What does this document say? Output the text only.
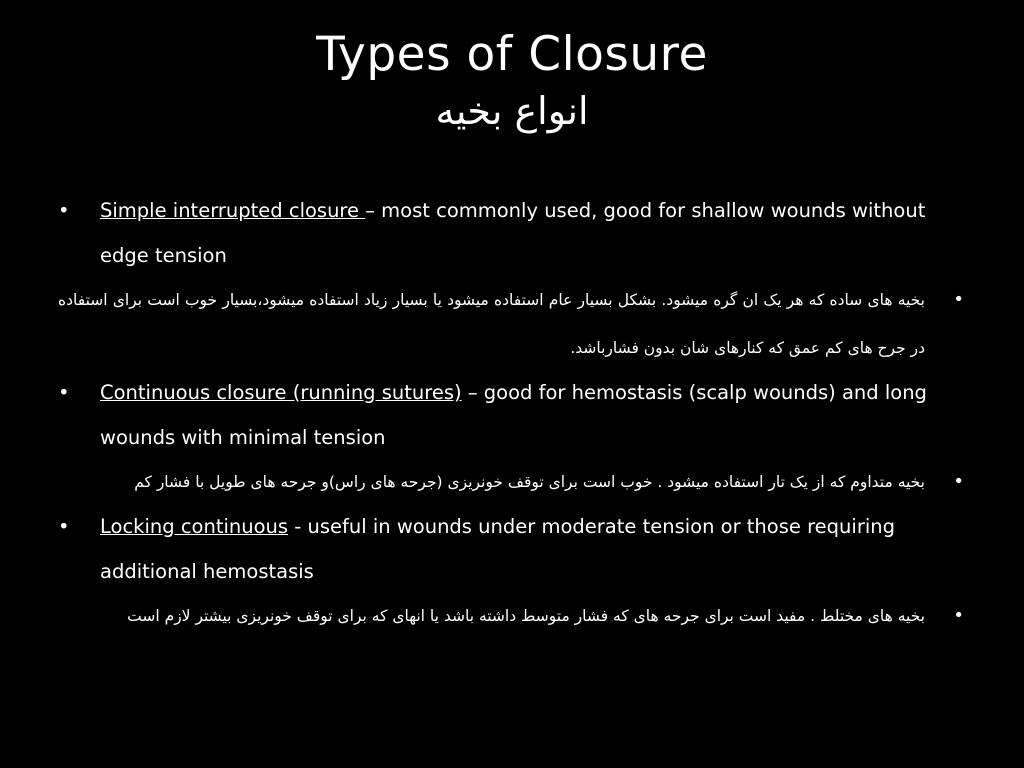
Types of Closure
انواع بخیه
• Simple interrupted closure – most commonly used, good for shallow wounds without edge tension
•
بخیه های ساده که هر یک ان گره میشود. بشکل بسیار عام استفاده میشود یا بسیار زیاد استفاده میشود،بسیار خوب است برای استفاده در جرح های کم عمق که کنارهای شان بدون فشارباشد.
• Continuous closure (running sutures) – good for hemostasis (scalp wounds) and long wounds with minimal tension
•
بخیه متداوم که از یک تار استفاده میشود . خوب است برای توقف خونریزی (جرحه های راس)و جرحه های طویل با فشار کم
• Locking continuous - useful in wounds under moderate tension or those requiring additional hemostasis
•
بخیه های مختلط . مفید است برای جرحه های که فشار متوسط داشته باشد یا انهای که برای توقف خونریزی بیشتر لازم است
